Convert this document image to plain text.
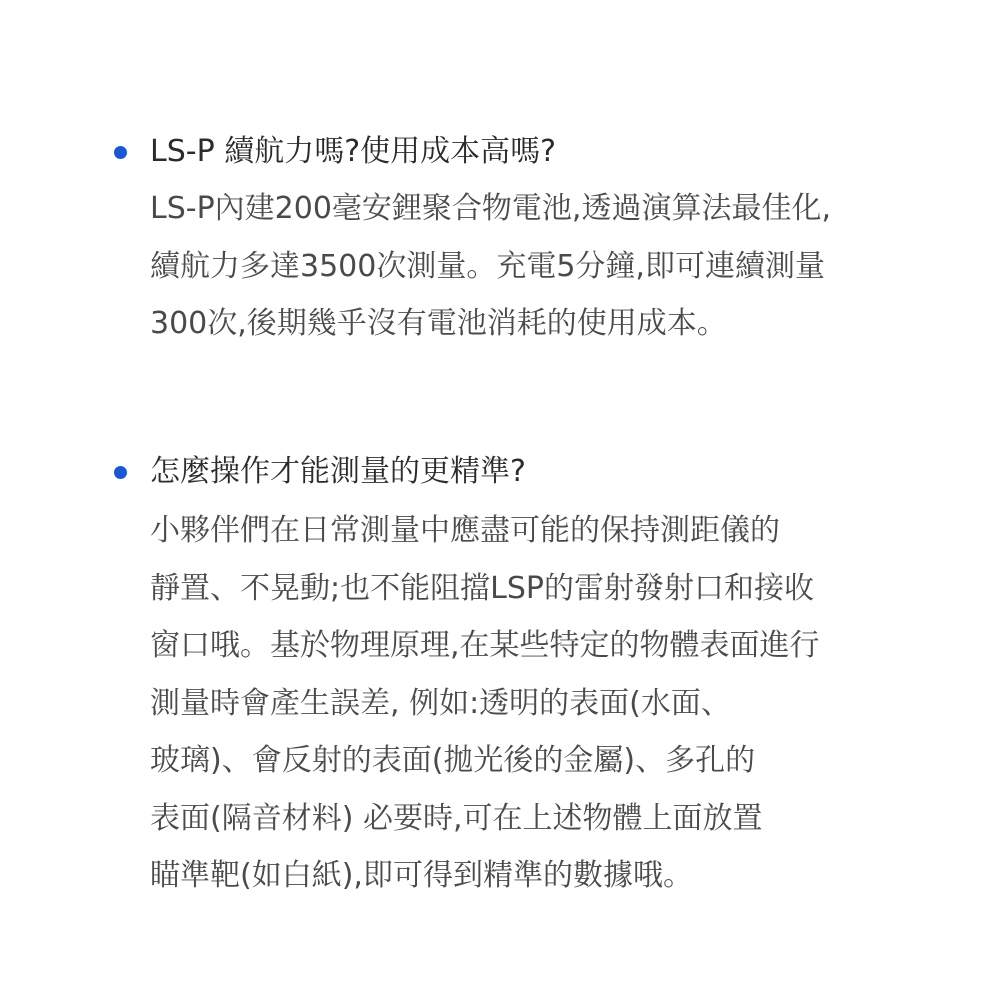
LS-P 續航力嗎?使用成本高嗎?
LS-P內建200毫安鋰聚合物電池,透過演算法最佳化,
續航力多達3500次測量。充電5分鐘,即可連續測量
300次,後期幾乎沒有電池消耗的使用成本。
怎麼操作才能測量的更精準?
小夥伴們在日常測量中應盡可能的保持測距儀的
靜置、不晃動;也不能阻擋LSP的雷射發射口和接收
窗口哦。基於物理原理,在某些特定的物體表面進行
測量時會產生誤差, 例如:透明的表面(水面、
玻璃)、會反射的表面(拋光後的金屬)、多孔的
表面(隔音材料) 必要時,可在上述物體上面放置
瞄準靶(如白紙),即可得到精準的數據哦。
